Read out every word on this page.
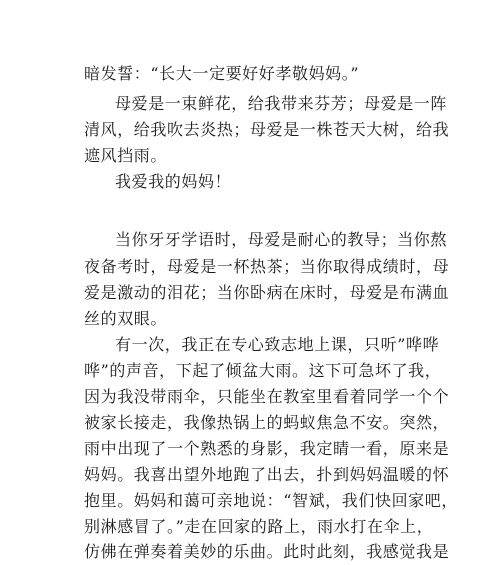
暗发誓：“长大一定要好好孝敬妈妈。”
母爱是一束鲜花，给我带来芬芳；母爱是一阵
清风，给我吹去炎热；母爱是一株苍天大树，给我
遮风挡雨。
我爱我的妈妈！
当你牙牙学语时，母爱是耐心的教导；当你熬
夜备考时，母爱是一杯热茶；当你取得成绩时，母
爱是激动的泪花；当你卧病在床时，母爱是布满血
丝的双眼。
有一次，我正在专心致志地上课，只听”哗哗
哗”的声音，下起了倾盆大雨。这下可急坏了我，
因为我没带雨伞，只能坐在教室里看着同学一个个
被家长接走，我像热锅上的蚂蚁焦急不安。突然，
雨中出现了一个熟悉的身影，我定睛一看，原来是
妈妈。我喜出望外地跑了出去，扑到妈妈温暖的怀
抱里。妈妈和蔼可亲地说：“智斌，我们快回家吧，
别淋感冒了。”走在回家的路上，雨水打在伞上，
仿佛在弹奏着美妙的乐曲。此时此刻，我感觉我是
